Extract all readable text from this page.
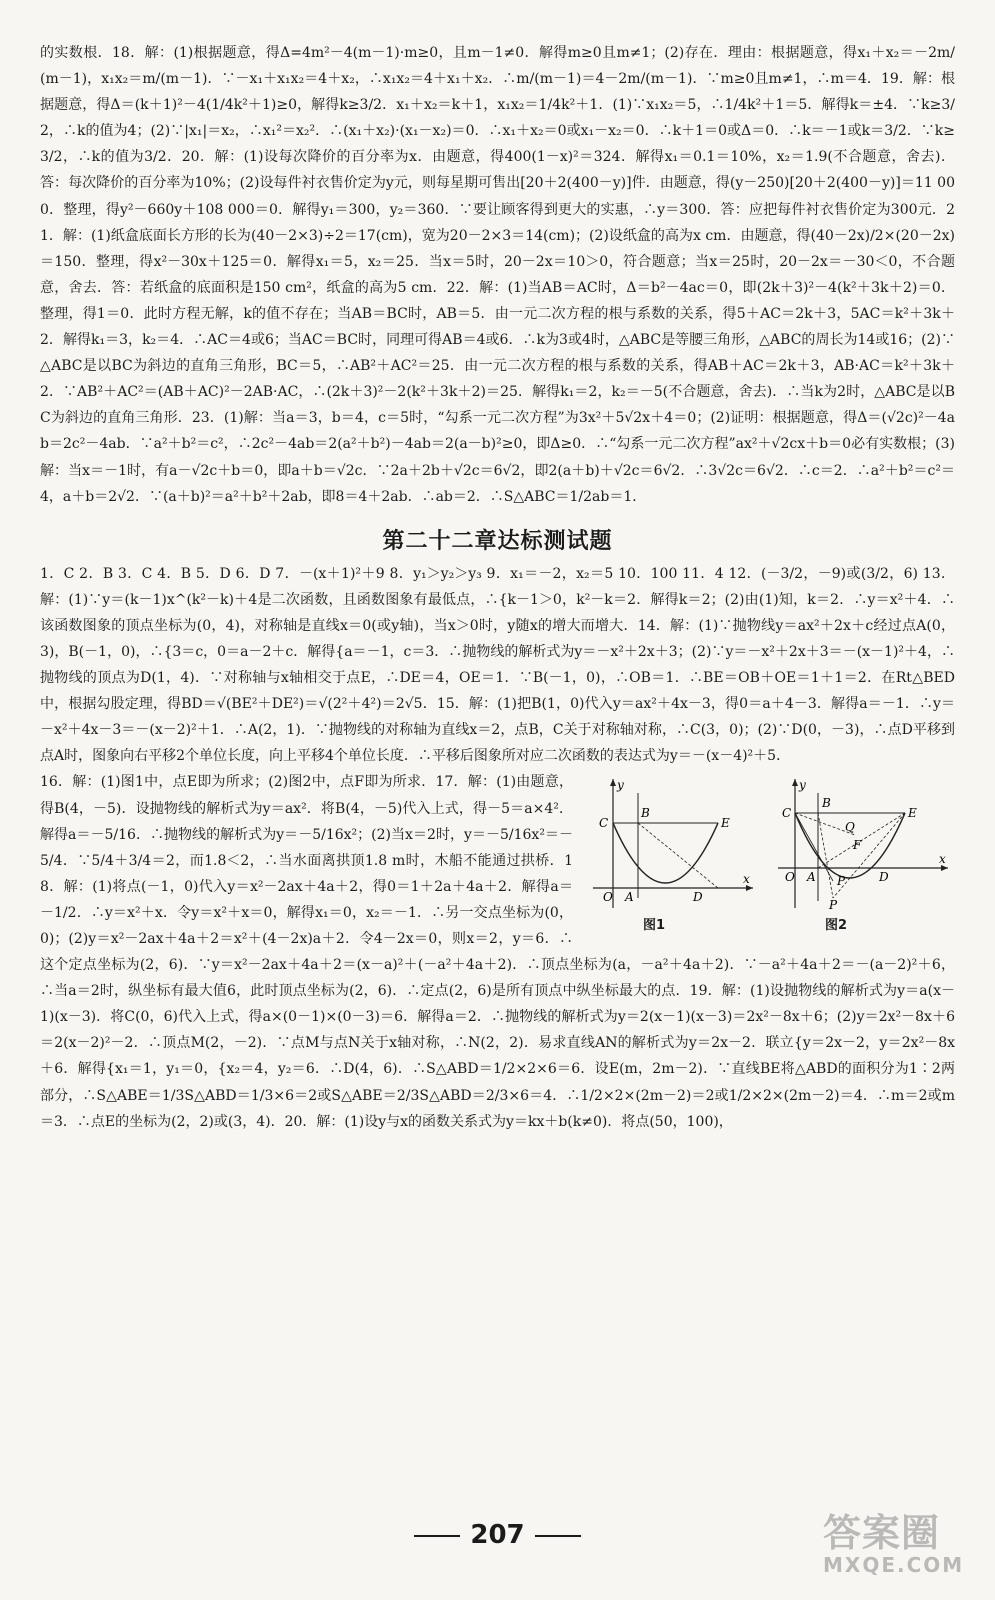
的实数根．18．解：(1)根据题意，得Δ=4m²－4(m－1)·m≥0，且m－1≠0．解得m≥0且m≠1；(2)存在．理由：根据题意，得x₁＋x₂＝－2m/(m－1)，x₁x₂＝m/(m－1)．∵－x₁＋x₁x₂＝4＋x₂，∴x₁x₂＝4＋x₁＋x₂．∴m/(m－1)＝4－2m/(m－1)．∵m≥0且m≠1，∴m＝4．19．解：根据题意，得Δ＝(k＋1)²－4(1/4k²＋1)≥0，解得k≥3/2．x₁＋x₂＝k＋1，x₁x₂＝1/4k²＋1．(1)∵x₁x₂＝5，∴1/4k²＋1＝5．解得k＝±4．∵k≥3/2，∴k的值为4；(2)∵|x₁|＝x₂，∴x₁²＝x₂²．∴(x₁＋x₂)·(x₁－x₂)＝0．∴x₁＋x₂＝0或x₁－x₂＝0．∴k＋1＝0或Δ＝0．∴k＝－1或k＝3/2．∵k≥3/2，∴k的值为3/2．20．解：(1)设每次降价的百分率为x．由题意，得400(1－x)²＝324．解得x₁＝0.1＝10%，x₂＝1.9(不合题意，舍去)．答：每次降价的百分率为10%；(2)设每件衬衣售价定为y元，则每星期可售出[20＋2(400－y)]件．由题意，得(y－250)[20＋2(400－y)]＝11 000．整理，得y²－660y＋108 000＝0．解得y₁＝300，y₂＝360．∵要让顾客得到更大的实惠，∴y＝300．答：应把每件衬衣售价定为300元．21．解：(1)纸盒底面长方形的长为(40－2×3)÷2＝17(cm)，宽为20－2×3＝14(cm)；(2)设纸盒的高为x cm．由题意，得(40－2x)/2×(20－2x)＝150．整理，得x²－30x＋125＝0．解得x₁＝5，x₂＝25．当x＝5时，20－2x＝10＞0，符合题意；当x＝25时，20－2x＝－30＜0，不合题意，舍去．答：若纸盒的底面积是150 cm²，纸盒的高为5 cm．22．解：(1)当AB＝AC时，Δ＝b²－4ac＝0，即(2k＋3)²－4(k²＋3k＋2)＝0．整理，得1＝0．此时方程无解，k的值不存在；当AB＝BC时，AB＝5．由一元二次方程的根与系数的关系，得5＋AC＝2k＋3，5AC＝k²＋3k＋2．解得k₁＝3，k₂＝4．∴AC＝4或6；当AC＝BC时，同理可得AB＝4或6．∴k为3或4时，△ABC是等腰三角形，△ABC的周长为14或16；(2)∵△ABC是以BC为斜边的直角三角形，BC＝5，∴AB²＋AC²＝25．由一元二次方程的根与系数的关系，得AB＋AC＝2k＋3，AB·AC＝k²＋3k＋2．∵AB²＋AC²＝(AB＋AC)²－2AB·AC，∴(2k＋3)²－2(k²＋3k＋2)＝25．解得k₁＝2，k₂＝－5(不合题意，舍去)．∴当k为2时，△ABC是以BC为斜边的直角三角形．23．(1)解：当a＝3，b＝4，c＝5时，“勾系一元二次方程”为3x²＋5√2x＋4＝0；(2)证明：根据题意，得Δ＝(√2c)²－4ab＝2c²－4ab．∵a²＋b²＝c²，∴2c²－4ab＝2(a²＋b²)－4ab＝2(a－b)²≥0，即Δ≥0．∴“勾系一元二次方程”ax²＋√2cx＋b＝0必有实数根；(3)解：当x＝－1时，有a－√2c＋b＝0，即a＋b＝√2c．∵2a＋2b＋√2c＝6√2，即2(a＋b)＋√2c＝6√2．∴3√2c＝6√2．∴c＝2．∴a²＋b²＝c²＝4，a＋b＝2√2．∵(a＋b)²＝a²＋b²＋2ab，即8＝4＋2ab．∴ab＝2．∴S△ABC＝1/2ab＝1．

第二十二章达标测试题

1．C 2．B 3．C 4．B 5．D 6．D 7．－(x＋1)²＋9 8．y₁＞y₂＞y₃ 9．x₁＝－2，x₂＝5 10．100 11．4 12．(－3/2，－9)或(3/2，6) 13．解：(1)∵y＝(k－1)x^(k²－k)＋4是二次函数，且函数图象有最低点，∴{k－1＞0，k²－k＝2．解得k＝2；(2)由(1)知，k＝2．∴y＝x²＋4．∴该函数图象的顶点坐标为(0，4)，对称轴是直线x＝0(或y轴)，当x＞0时，y随x的增大而增大．14．解：(1)∵抛物线y＝ax²＋2x＋c经过点A(0，3)，B(－1，0)，∴{3＝c，0＝a－2＋c．解得{a＝－1，c＝3．∴抛物线的解析式为y＝－x²＋2x＋3；(2)∵y＝－x²＋2x＋3＝－(x－1)²＋4，∴抛物线的顶点为D(1，4)．∵对称轴与x轴相交于点E，∴DE＝4，OE＝1．∵B(－1，0)，∴OB＝1．∴BE＝OB＋OE＝1＋1＝2．在Rt△BED中，根据勾股定理，得BD＝√(BE²＋DE²)＝√(2²＋4²)＝2√5．15．解：(1)把B(1，0)代入y＝ax²＋4x－3，得0＝a＋4－3．解得a＝－1．∴y＝－x²＋4x－3＝－(x－2)²＋1．∴A(2，1)．∵抛物线的对称轴为直线x＝2，点B，C关于对称轴对称，∴C(3，0)；(2)∵D(0，－3)，∴点D平移到点A时，图象向右平移2个单位长度，向上平移4个单位长度．∴平移后图象所对应二次函数的表达式为y＝－(x－4)²＋5．

y
x
C
B
E
O A	D
y
x
C
B
E
Q
F
O A	D
P
P
图1	图2

16．解：(1)图1中，点E即为所求；(2)图2中，点F即为所求．17．解：(1)由题意，得B(4，－5)．设抛物线的解析式为y＝ax²．将B(4，－5)代入上式，得－5＝a×4²．解得a＝－5/16．∴抛物线的解析式为y＝－5/16x²；(2)当x＝2时，y＝－5/16x²＝－5/4．∵5/4＋3/4＝2，而1.8＜2，∴当水面离拱顶1.8 m时，木船不能通过拱桥．18．解：(1)将点(－1，0)代入y＝x²－2ax＋4a＋2，得0＝1＋2a＋4a＋2．解得a＝－1/2．∴y＝x²＋x．令y＝x²＋x＝0，解得x₁＝0，x₂＝－1．∴另一交点坐标为(0，0)；(2)y＝x²－2ax＋4a＋2＝x²＋(4－2x)a＋2．令4－2x＝0，则x＝2，y＝6．∴这个定点坐标为(2，6)．∵y＝x²－2ax＋4a＋2＝(x－a)²＋(－a²＋4a＋2)．∴顶点坐标为(a，－a²＋4a＋2)．∵－a²＋4a＋2＝－(a－2)²＋6，∴当a＝2时，纵坐标有最大值6，此时顶点坐标为(2，6)．∴定点(2，6)是所有顶点中纵坐标最大的点．19．解：(1)设抛物线的解析式为y＝a(x－1)(x－3)．将C(0，6)代入上式，得a×(0－1)×(0－3)＝6．解得a＝2．∴抛物线的解析式为y＝2(x－1)(x－3)＝2x²－8x＋6；(2)y＝2x²－8x＋6＝2(x－2)²－2．∴顶点M(2，－2)．∵点M与点N关于x轴对称，∴N(2，2)．易求直线AN的解析式为y＝2x－2．联立{y＝2x－2，y＝2x²－8x＋6．解得{x₁＝1，y₁＝0，{x₂＝4，y₂＝6．∴D(4，6)．∴S△ABD＝1/2×2×6＝6．设E(m，2m－2)．∵直线BE将△ABD的面积分为1∶2两部分，∴S△ABE＝1/3S△ABD＝1/3×6＝2或S△ABE＝2/3S△ABD＝2/3×6＝4．∴1/2×2×(2m－2)＝2或1/2×2×(2m－2)＝4．∴m＝2或m＝3．∴点E的坐标为(2，2)或(3，4)．20．解：(1)设y与x的函数关系式为y＝kx＋b(k≠0)．将点(50，100)，

207	答案圈
MXQE.COM
